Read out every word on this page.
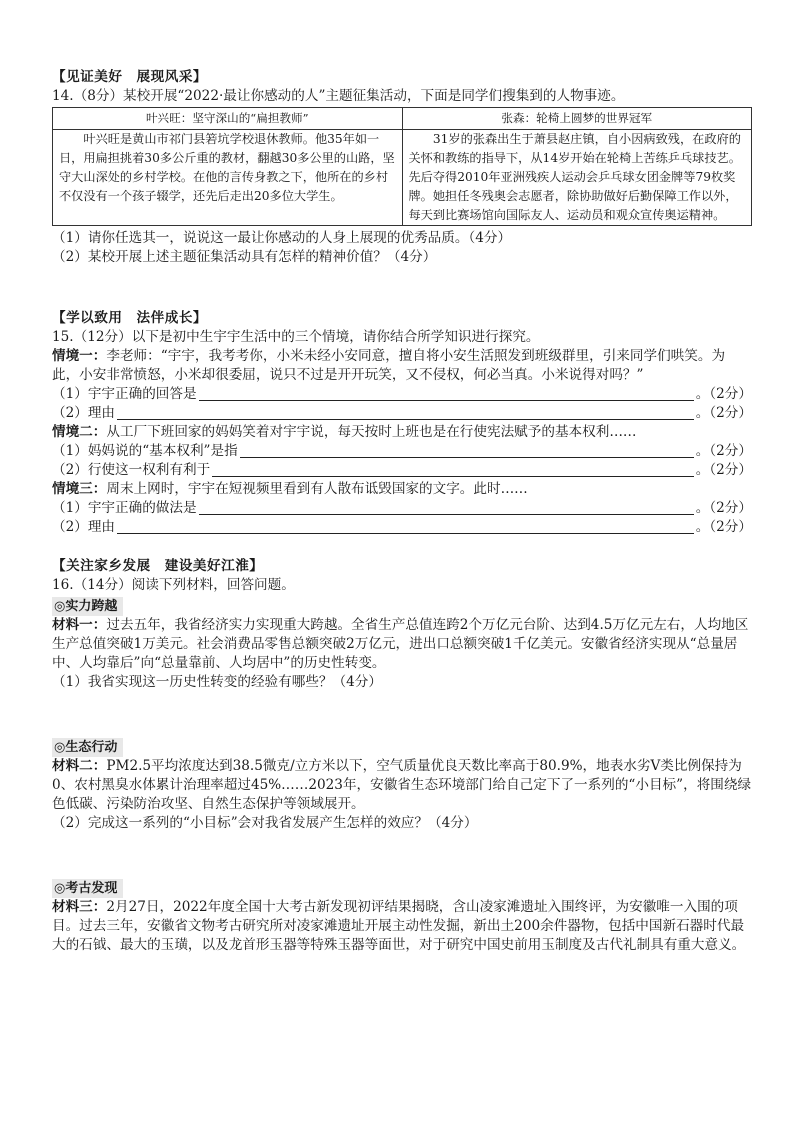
【见证美好　展现风采】
14.（8分）某校开展“2022·最让你感动的人”主题征集活动，下面是同学们搜集到的人物事迹。
叶兴旺：坚守深山的“扁担教师”	张森：轮椅上圆梦的世界冠军
叶兴旺是黄山市祁门县箬坑学校退休教师。他35年如一日，用扁担挑着30多公斤重的教材，翻越30多公里的山路，坚守大山深处的乡村学校。在他的言传身教之下，他所在的乡村不仅没有一个孩子辍学，还先后走出20多位大学生。	31岁的张森出生于萧县赵庄镇，自小因病致残，在政府的关怀和教练的指导下，从14岁开始在轮椅上苦练乒乓球技艺。先后夺得2010年亚洲残疾人运动会乒乓球女团金牌等79枚奖牌。她担任冬残奥会志愿者，除协助做好后勤保障工作以外，每天到比赛场馆向国际友人、运动员和观众宣传奥运精神。
（1）请你任选其一，说说这一最让你感动的人身上展现的优秀品质。（4分）
（2）某校开展上述主题征集活动具有怎样的精神价值？（4分）
【学以致用　法伴成长】
15.（12分）以下是初中生宇宇生活中的三个情境，请你结合所学知识进行探究。
情境一：李老师：“宇宇，我考考你，小米未经小安同意，擅自将小安生活照发到班级群里，引来同学们哄笑。为此，小安非常愤怒，小米却很委屈，说只不过是开开玩笑，又不侵权，何必当真。小米说得对吗？”
（1）宇宇正确的回答是	。（2分）
（2）理由	。（2分）
情境二：从工厂下班回家的妈妈笑着对宇宇说，每天按时上班也是在行使宪法赋予的基本权利……
（1）妈妈说的“基本权利”是指	。（2分）
（2）行使这一权利有利于	。（2分）
情境三：周末上网时，宇宇在短视频里看到有人散布诋毁国家的文字。此时……
（1）宇宇正确的做法是	。（2分）
（2）理由	。（2分）
【关注家乡发展　建设美好江淮】
16.（14分）阅读下列材料，回答问题。
◎实力跨越
材料一：过去五年，我省经济实力实现重大跨越。全省生产总值连跨2个万亿元台阶、达到4.5万亿元左右，人均地区生产总值突破1万美元。社会消费品零售总额突破2万亿元，进出口总额突破1千亿美元。安徽省经济实现从“总量居中、人均靠后”向“总量靠前、人均居中”的历史性转变。
（1）我省实现这一历史性转变的经验有哪些？（4分）
◎生态行动
材料二：PM2.5平均浓度达到38.5微克/立方米以下，空气质量优良天数比率高于80.9%，地表水劣V类比例保持为0、农村黑臭水体累计治理率超过45%……2023年，安徽省生态环境部门给自己定下了一系列的“小目标”，将围绕绿色低碳、污染防治攻坚、自然生态保护等领域展开。
（2）完成这一系列的“小目标”会对我省发展产生怎样的效应？（4分）
◎考古发现
材料三：2月27日，2022年度全国十大考古新发现初评结果揭晓，含山凌家滩遗址入围终评，为安徽唯一入围的项目。过去三年，安徽省文物考古研究所对凌家滩遗址开展主动性发掘，新出土200余件器物，包括中国新石器时代最大的石钺、最大的玉璜，以及龙首形玉器等特殊玉器等面世，对于研究中国史前用玉制度及古代礼制具有重大意义。
